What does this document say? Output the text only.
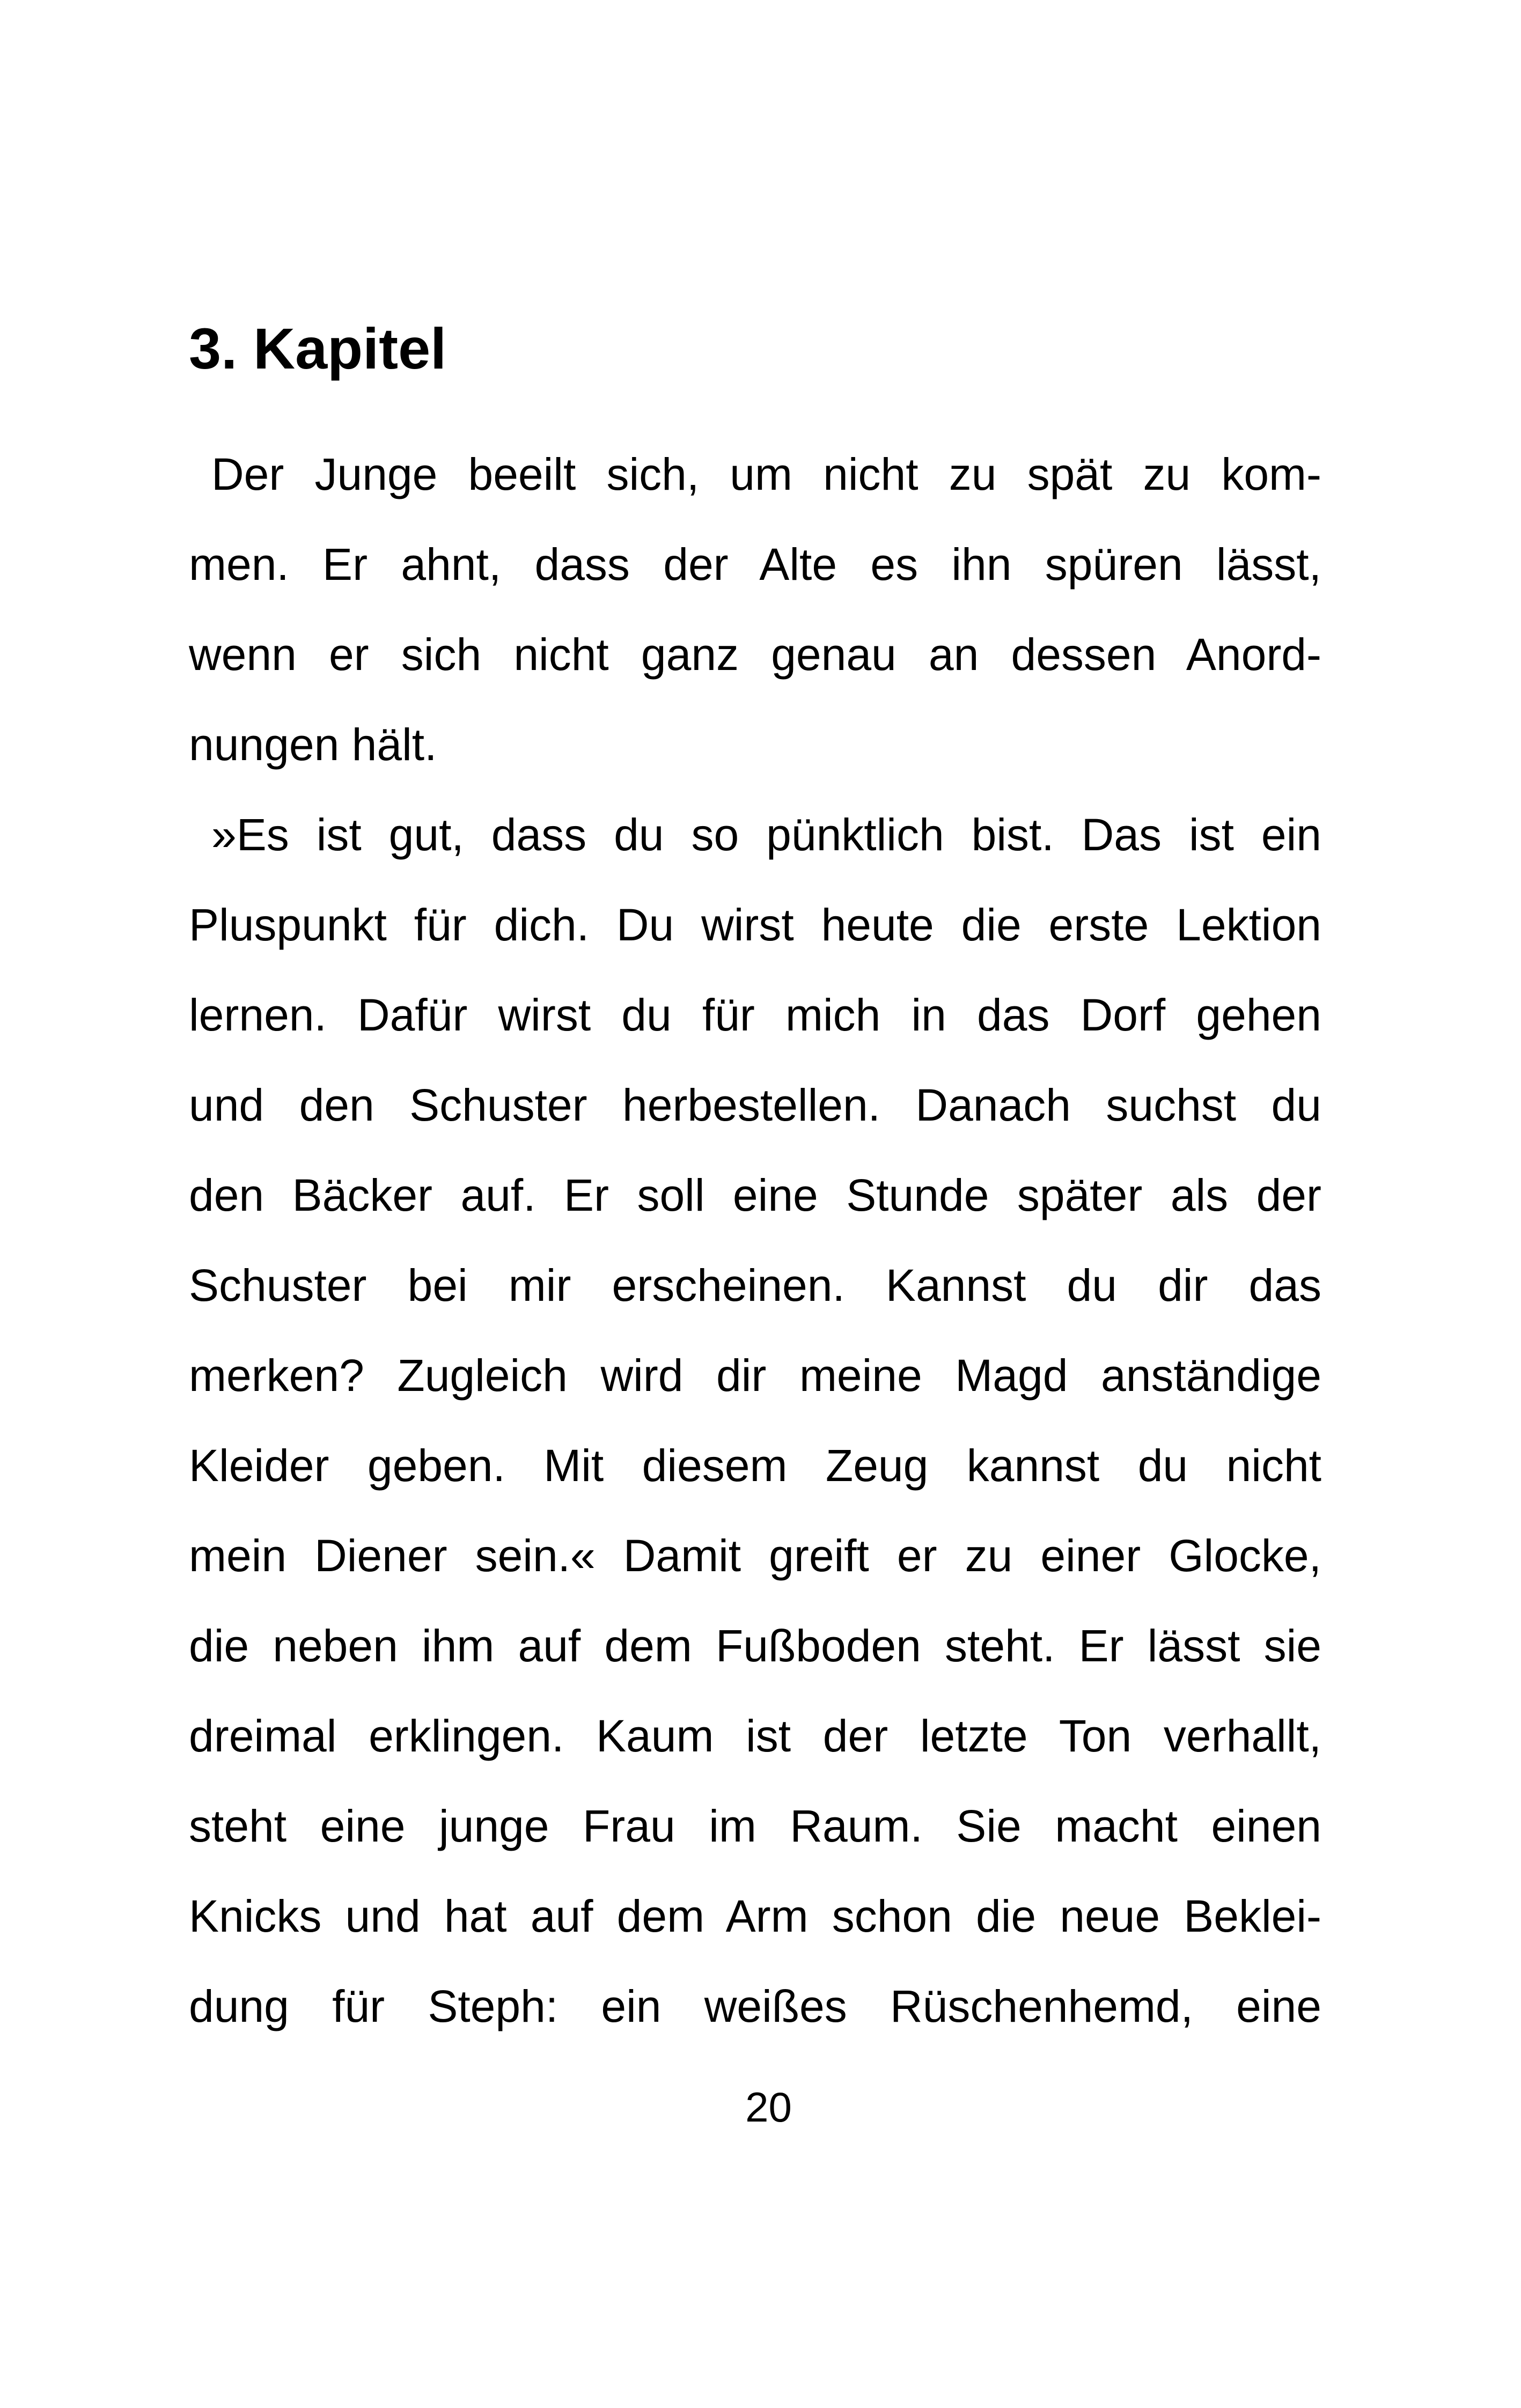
3. Kapitel
 Der Junge beeilt sich, um nicht zu spät zu kom-
men. Er ahnt, dass der Alte es ihn spüren lässt,
wenn er sich nicht ganz genau an dessen Anord-
nungen hält.
 »Es ist gut, dass du so pünktlich bist. Das ist ein
Pluspunkt für dich. Du wirst heute die erste Lektion
lernen. Dafür wirst du für mich in das Dorf gehen
und den Schuster herbestellen. Danach suchst du
den Bäcker auf. Er soll eine Stunde später als der
Schuster bei mir erscheinen. Kannst du dir das
merken? Zugleich wird dir meine Magd anständige
Kleider geben. Mit diesem Zeug kannst du nicht
mein Diener sein.« Damit greift er zu einer Glocke,
die neben ihm auf dem Fußboden steht. Er lässt sie
dreimal erklingen. Kaum ist der letzte Ton verhallt,
steht eine junge Frau im Raum. Sie macht einen
Knicks und hat auf dem Arm schon die neue Beklei-
dung für Steph: ein weißes Rüschenhemd, eine
20
